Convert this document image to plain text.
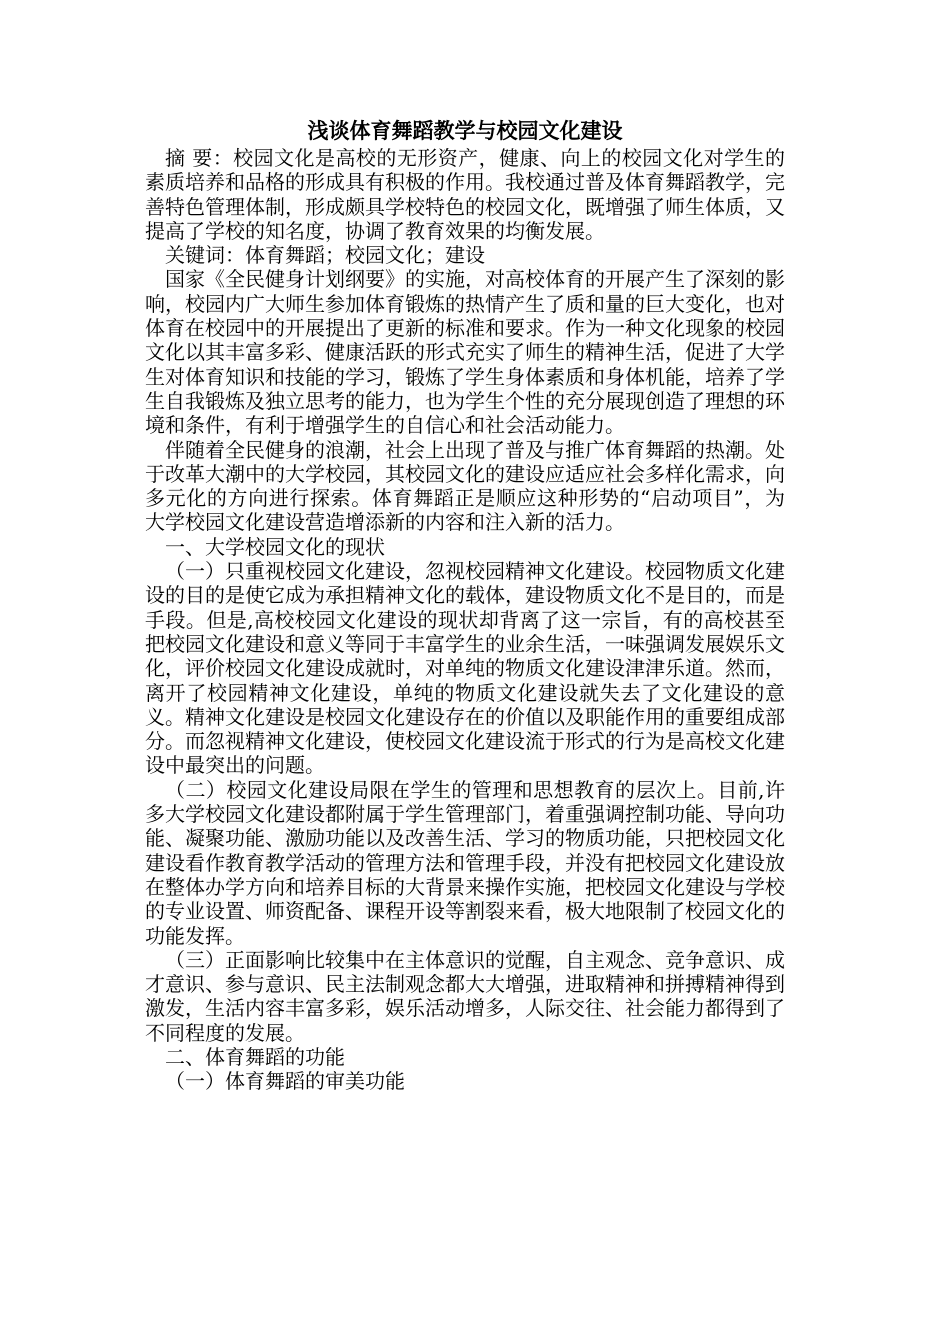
浅谈体育舞蹈教学与校园文化建设

摘 要：校园文化是高校的无形资产，健康、向上的校园文化对学生的素质培养和品格的形成具有积极的作用。我校通过普及体育舞蹈教学，完善特色管理体制，形成颇具学校特色的校园文化，既增强了师生体质，又提高了学校的知名度，协调了教育效果的均衡发展。

关键词：体育舞蹈；校园文化；建设

国家《全民健身计划纲要》的实施，对高校体育的开展产生了深刻的影响，校园内广大师生参加体育锻炼的热情产生了质和量的巨大变化，也对体育在校园中的开展提出了更新的标准和要求。作为一种文化现象的校园文化以其丰富多彩、健康活跃的形式充实了师生的精神生活，促进了大学生对体育知识和技能的学习，锻炼了学生身体素质和身体机能，培养了学生自我锻炼及独立思考的能力，也为学生个性的充分展现创造了理想的环境和条件，有利于增强学生的自信心和社会活动能力。

伴随着全民健身的浪潮，社会上出现了普及与推广体育舞蹈的热潮。处于改革大潮中的大学校园，其校园文化的建设应适应社会多样化需求，向多元化的方向进行探索。体育舞蹈正是顺应这种形势的“启动项目”，为大学校园文化建设营造增添新的内容和注入新的活力。

一、大学校园文化的现状

（一）只重视校园文化建设，忽视校园精神文化建设。校园物质文化建设的目的是使它成为承担精神文化的载体，建设物质文化不是目的，而是手段。但是,高校校园文化建设的现状却背离了这一宗旨，有的高校甚至把校园文化建设和意义等同于丰富学生的业余生活，一味强调发展娱乐文化，评价校园文化建设成就时，对单纯的物质文化建设津津乐道。然而，离开了校园精神文化建设，单纯的物质文化建设就失去了文化建设的意义。精神文化建设是校园文化建设存在的价值以及职能作用的重要组成部分。而忽视精神文化建设，使校园文化建设流于形式的行为是高校文化建设中最突出的问题。

（二）校园文化建设局限在学生的管理和思想教育的层次上。目前,许多大学校园文化建设都附属于学生管理部门，着重强调控制功能、导向功能、凝聚功能、激励功能以及改善生活、学习的物质功能，只把校园文化建设看作教育教学活动的管理方法和管理手段，并没有把校园文化建设放在整体办学方向和培养目标的大背景来操作实施，把校园文化建设与学校的专业设置、师资配备、课程开设等割裂来看，极大地限制了校园文化的功能发挥。

（三）正面影响比较集中在主体意识的觉醒，自主观念、竞争意识、成才意识、参与意识、民主法制观念都大大增强，进取精神和拼搏精神得到激发，生活内容丰富多彩，娱乐活动增多，人际交往、社会能力都得到了不同程度的发展。

二、体育舞蹈的功能

（一）体育舞蹈的审美功能
